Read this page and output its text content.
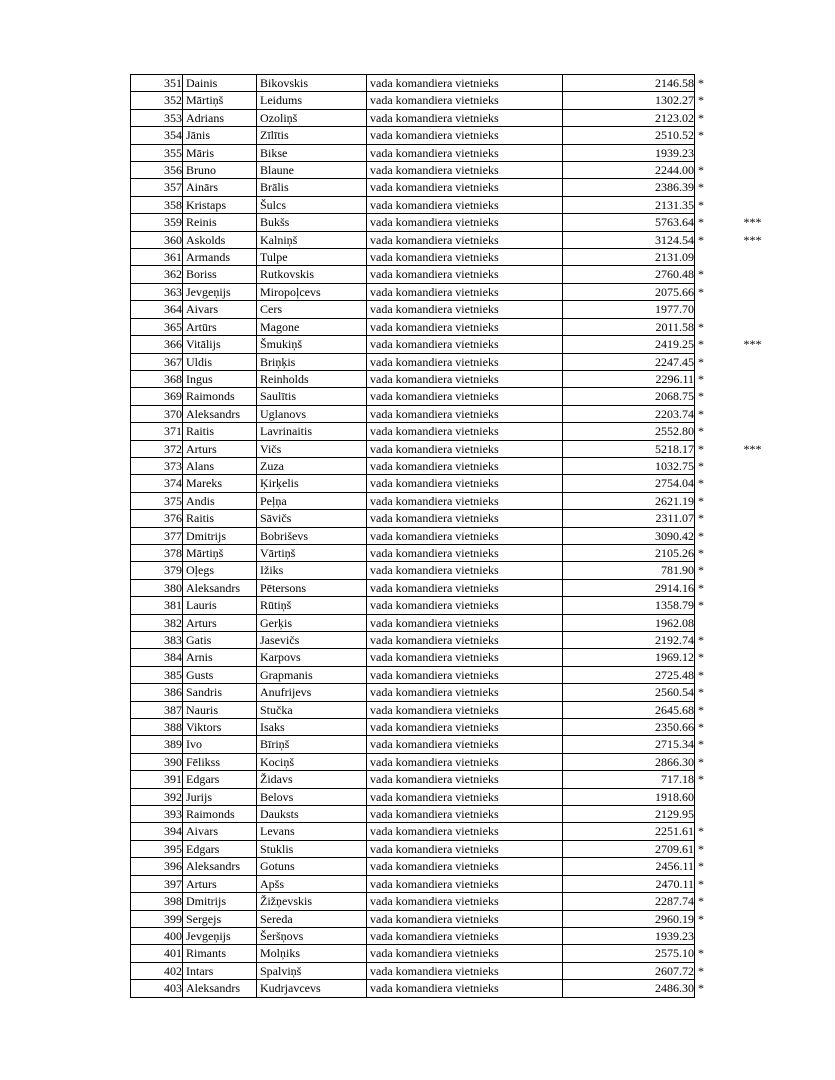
351	Dainis	Bikovskis	vada komandiera vietnieks	2146.58	*	
352	Mārtiņš	Leidums	vada komandiera vietnieks	1302.27	*	
353	Adrians	Ozoliņš	vada komandiera vietnieks	2123.02	*	
354	Jānis	Zīlītis	vada komandiera vietnieks	2510.52	*	
355	Māris	Bikse	vada komandiera vietnieks	1939.23		
356	Bruno	Blaune	vada komandiera vietnieks	2244.00	*	
357	Ainārs	Brālis	vada komandiera vietnieks	2386.39	*	
358	Kristaps	Šulcs	vada komandiera vietnieks	2131.35	*	
359	Reinis	Bukšs	vada komandiera vietnieks	5763.64	*	***
360	Askolds	Kalniņš	vada komandiera vietnieks	3124.54	*	***
361	Armands	Tulpe	vada komandiera vietnieks	2131.09		
362	Boriss	Rutkovskis	vada komandiera vietnieks	2760.48	*	
363	Jevgeņijs	Miropoļcevs	vada komandiera vietnieks	2075.66	*	
364	Aivars	Cers	vada komandiera vietnieks	1977.70		
365	Artūrs	Magone	vada komandiera vietnieks	2011.58	*	
366	Vitālijs	Šmukiņš	vada komandiera vietnieks	2419.25	*	***
367	Uldis	Briņķis	vada komandiera vietnieks	2247.45	*	
368	Ingus	Reinholds	vada komandiera vietnieks	2296.11	*	
369	Raimonds	Saulītis	vada komandiera vietnieks	2068.75	*	
370	Aleksandrs	Uglanovs	vada komandiera vietnieks	2203.74	*	
371	Raitis	Lavrinaitis	vada komandiera vietnieks	2552.80	*	
372	Arturs	Vičs	vada komandiera vietnieks	5218.17	*	***
373	Alans	Zuza	vada komandiera vietnieks	1032.75	*	
374	Mareks	Ķirķelis	vada komandiera vietnieks	2754.04	*	
375	Andis	Peļņa	vada komandiera vietnieks	2621.19	*	
376	Raitis	Sāvičs	vada komandiera vietnieks	2311.07	*	
377	Dmitrijs	Bobriševs	vada komandiera vietnieks	3090.42	*	
378	Mārtiņš	Vārtiņš	vada komandiera vietnieks	2105.26	*	
379	Oļegs	Ižiks	vada komandiera vietnieks	781.90	*	
380	Aleksandrs	Pētersons	vada komandiera vietnieks	2914.16	*	
381	Lauris	Rūtiņš	vada komandiera vietnieks	1358.79	*	
382	Arturs	Gerķis	vada komandiera vietnieks	1962.08		
383	Gatis	Jasevičs	vada komandiera vietnieks	2192.74	*	
384	Arnis	Karpovs	vada komandiera vietnieks	1969.12	*	
385	Gusts	Grapmanis	vada komandiera vietnieks	2725.48	*	
386	Sandris	Anufrijevs	vada komandiera vietnieks	2560.54	*	
387	Nauris	Stučka	vada komandiera vietnieks	2645.68	*	
388	Viktors	Isaks	vada komandiera vietnieks	2350.66	*	
389	Ivo	Bīriņš	vada komandiera vietnieks	2715.34	*	
390	Fēlikss	Kociņš	vada komandiera vietnieks	2866.30	*	
391	Edgars	Židavs	vada komandiera vietnieks	717.18	*	
392	Jurijs	Belovs	vada komandiera vietnieks	1918.60		
393	Raimonds	Dauksts	vada komandiera vietnieks	2129.95		
394	Aivars	Levans	vada komandiera vietnieks	2251.61	*	
395	Edgars	Stuklis	vada komandiera vietnieks	2709.61	*	
396	Aleksandrs	Gotuns	vada komandiera vietnieks	2456.11	*	
397	Arturs	Apšs	vada komandiera vietnieks	2470.11	*	
398	Dmitrijs	Žižņevskis	vada komandiera vietnieks	2287.74	*	
399	Sergejs	Sereda	vada komandiera vietnieks	2960.19	*	
400	Jevgeņijs	Šeršņovs	vada komandiera vietnieks	1939.23		
401	Rimants	Molņiks	vada komandiera vietnieks	2575.10	*	
402	Intars	Spalviņš	vada komandiera vietnieks	2607.72	*	
403	Aleksandrs	Kudrjavcevs	vada komandiera vietnieks	2486.30	*	
